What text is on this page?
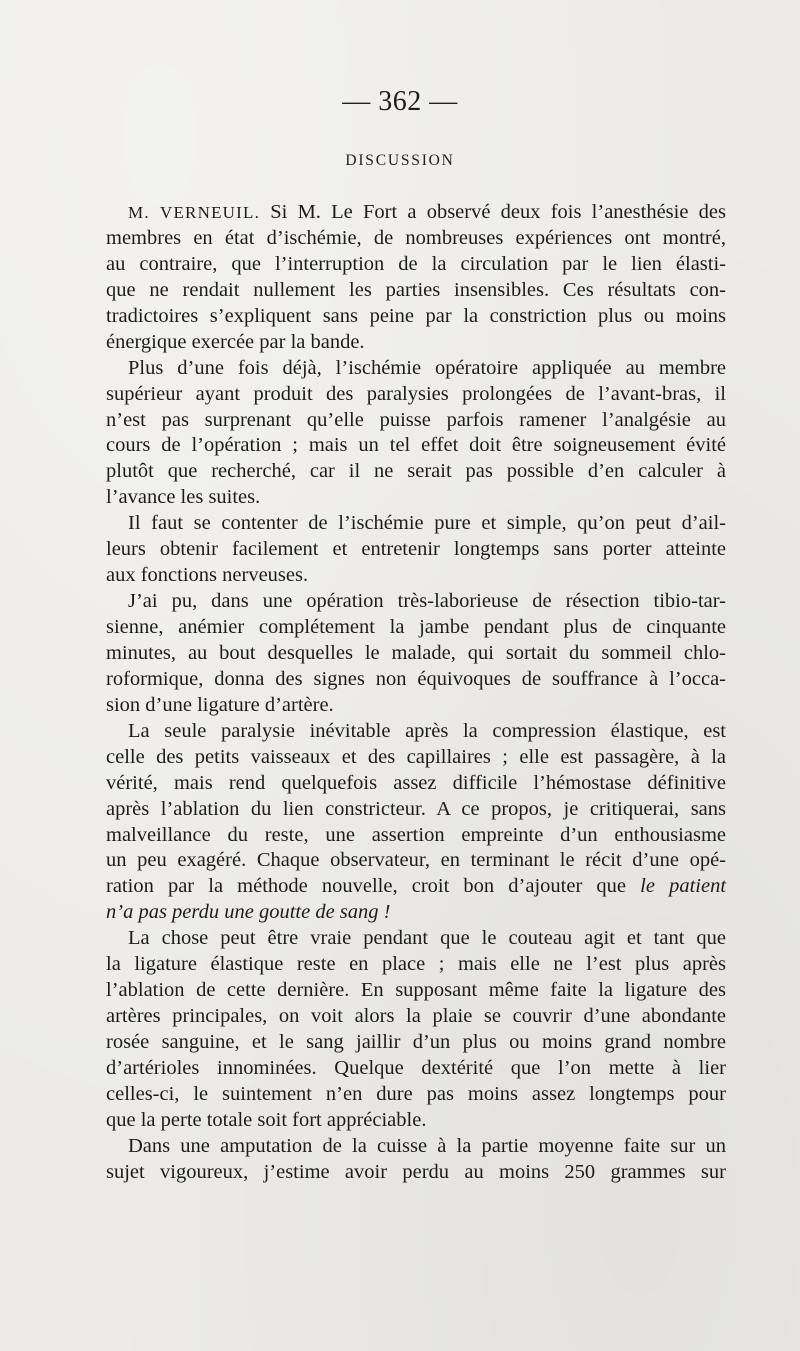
— 362 —
DISCUSSION
M. VERNEUIL. Si M. Le Fort a observé deux fois l’anesthésie des
membres en état d’ischémie, de nombreuses expériences ont montré,
au contraire, que l’interruption de la circulation par le lien élasti-
que ne rendait nullement les parties insensibles. Ces résultats con-
tradictoires s’expliquent sans peine par la constriction plus ou moins
énergique exercée par la bande.
Plus d’une fois déjà, l’ischémie opératoire appliquée au membre
supérieur ayant produit des paralysies prolongées de l’avant-bras, il
n’est pas surprenant qu’elle puisse parfois ramener l’analgésie au
cours de l’opération ; mais un tel effet doit être soigneusement évité
plutôt que recherché, car il ne serait pas possible d’en calculer à
l’avance les suites.
Il faut se contenter de l’ischémie pure et simple, qu’on peut d’ail-
leurs obtenir facilement et entretenir longtemps sans porter atteinte
aux fonctions nerveuses.
J’ai pu, dans une opération très-laborieuse de résection tibio-tar-
sienne, anémier complétement la jambe pendant plus de cinquante
minutes, au bout desquelles le malade, qui sortait du sommeil chlo-
roformique, donna des signes non équivoques de souffrance à l’occa-
sion d’une ligature d’artère.
La seule paralysie inévitable après la compression élastique, est
celle des petits vaisseaux et des capillaires ; elle est passagère, à la
vérité, mais rend quelquefois assez difficile l’hémostase définitive
après l’ablation du lien constricteur. A ce propos, je critiquerai, sans
malveillance du reste, une assertion empreinte d’un enthousiasme
un peu exagéré. Chaque observateur, en terminant le récit d’une opé-
ration par la méthode nouvelle, croit bon d’ajouter que le patient
n’a pas perdu une goutte de sang !
La chose peut être vraie pendant que le couteau agit et tant que
la ligature élastique reste en place ; mais elle ne l’est plus après
l’ablation de cette dernière. En supposant même faite la ligature des
artères principales, on voit alors la plaie se couvrir d’une abondante
rosée sanguine, et le sang jaillir d’un plus ou moins grand nombre
d’artérioles innominées. Quelque dextérité que l’on mette à lier
celles-ci, le suintement n’en dure pas moins assez longtemps pour
que la perte totale soit fort appréciable.
Dans une amputation de la cuisse à la partie moyenne faite sur un
sujet vigoureux, j’estime avoir perdu au moins 250 grammes sur
